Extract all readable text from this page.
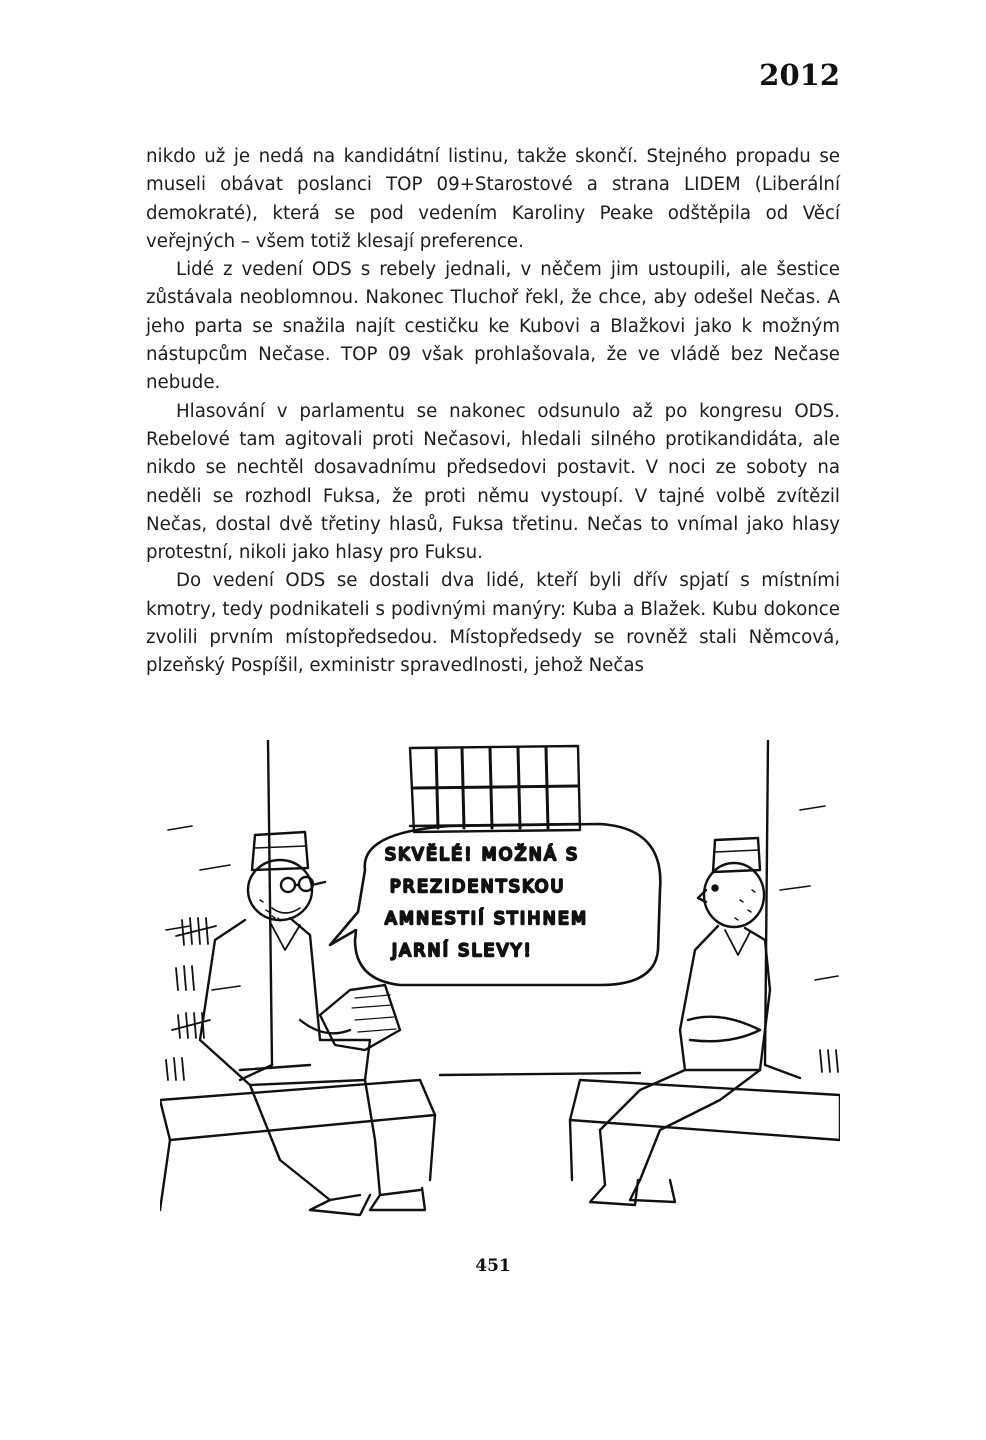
2012

nikdo už je nedá na kandidátní listinu, takže skončí. Stejného propadu se museli obávat poslanci TOP 09+Starostové a strana LIDEM (Liberální demokraté), která se pod vedením Karoliny Peake odštěpila od Věcí veřejných – všem totiž klesají preference.

Lidé z vedení ODS s rebely jednali, v něčem jim ustoupili, ale šestice zůstávala neoblomnou. Nakonec Tluchoř řekl, že chce, aby odešel Nečas. A jeho parta se snažila najít cestičku ke Kubovi a Blažkovi jako k možným nástupcům Nečase. TOP 09 však prohlašovala, že ve vládě bez Nečase nebude.

Hlasování v parlamentu se nakonec odsunulo až po kongresu ODS. Rebelové tam agitovali proti Nečasovi, hledali silného protikandidáta, ale nikdo se nechtěl dosavadnímu předsedovi postavit. V noci ze soboty na neděli se rozhodl Fuksa, že proti němu vystoupí. V tajné volbě zvítězil Nečas, dostal dvě třetiny hlasů, Fuksa třetinu. Nečas to vnímal jako hlasy protestní, nikoli jako hlasy pro Fuksu.

Do vedení ODS se dostali dva lidé, kteří byli dřív spjatí s místními kmotry, tedy podnikateli s podivnými manýry: Kuba a Blažek. Kubu dokonce zvolili prvním místopředsedou. Místopředsedy se rovněž stali Němcová, plzeňský Pospíšil, exministr spravedlnosti, jehož Nečas

SKVĚLÉ! MOŽNÁ S
PREZIDENTSKOU
AMNESTIÍ STIHNEM
JARNÍ SLEVY!
451
